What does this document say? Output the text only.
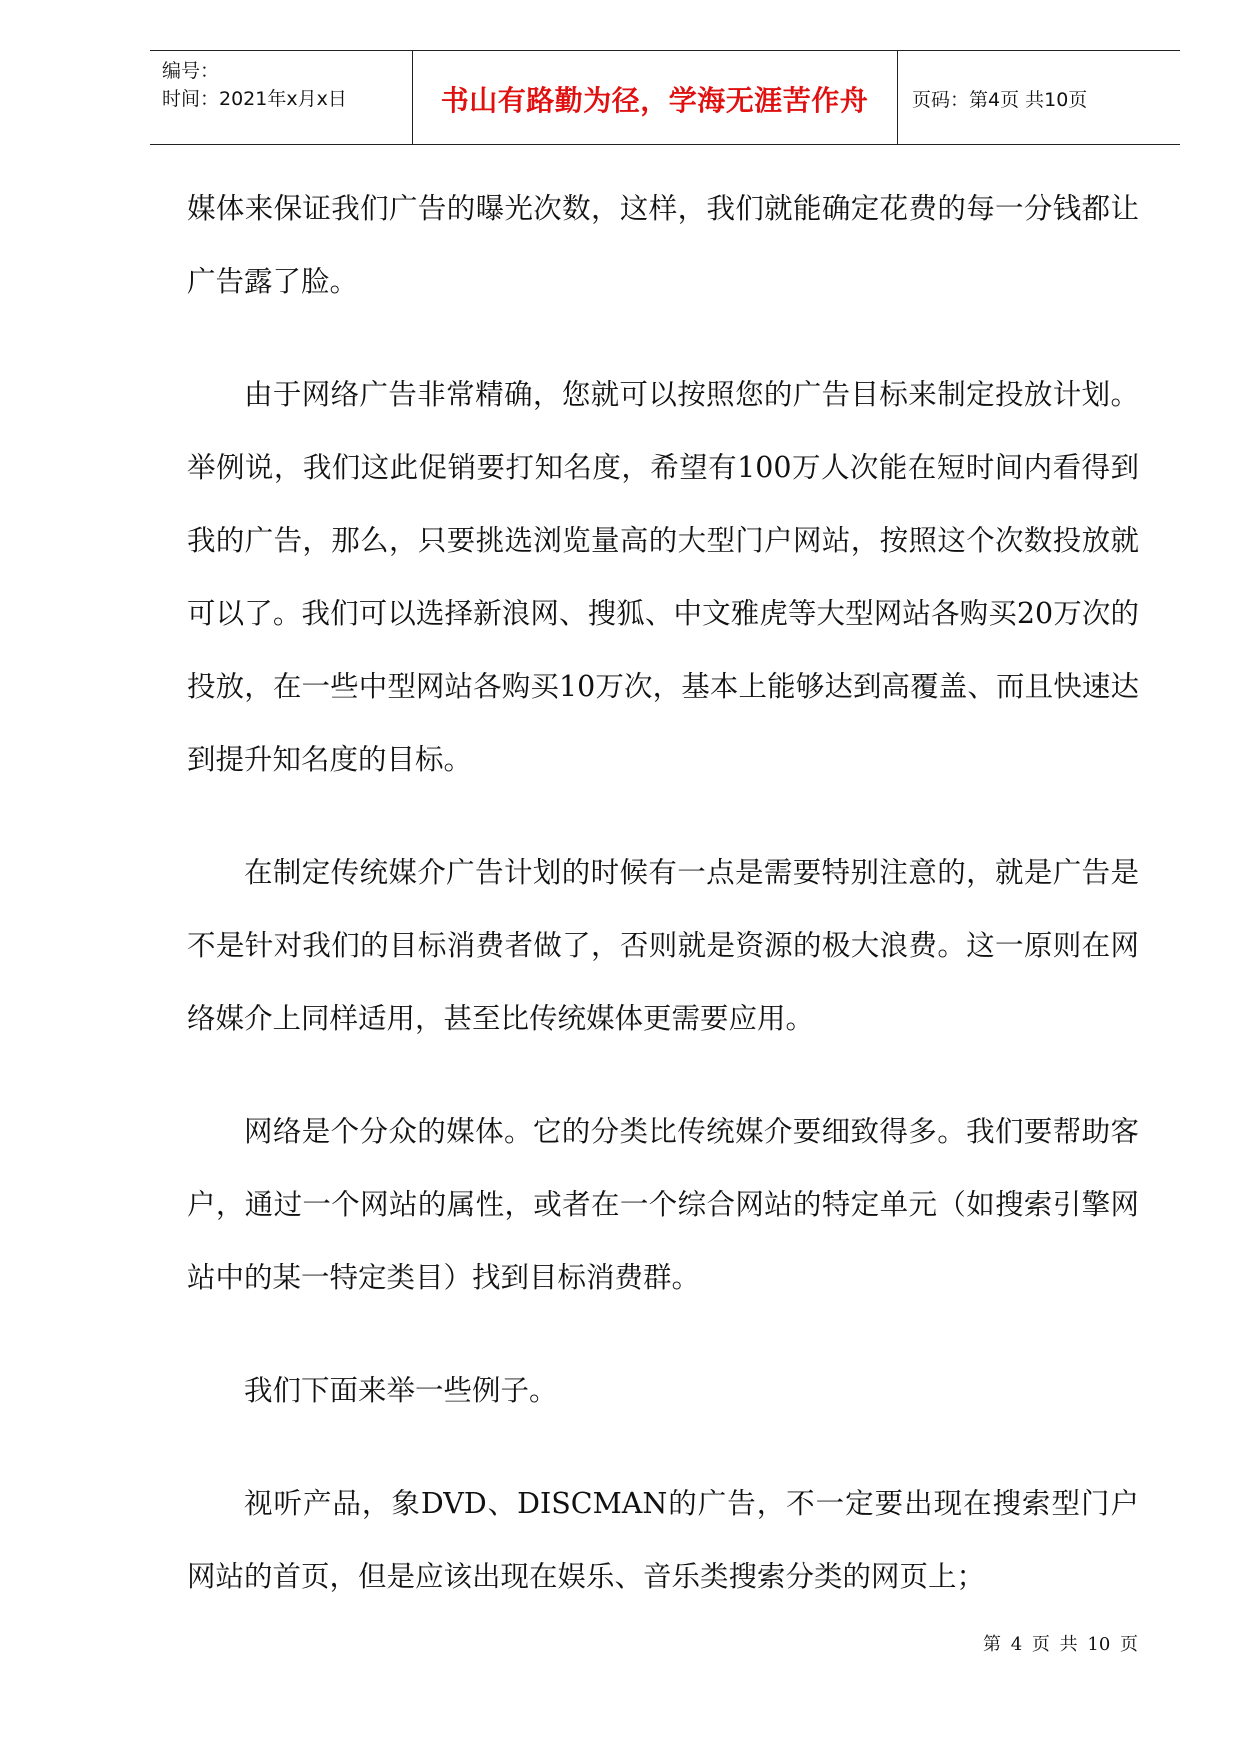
编号：
时间：2021年x月x日	书山有路勤为径，学海无涯苦作舟	页码：第4页 共10页

媒体来保证我们广告的曝光次数，这样，我们就能确定花费的每一分钱都让广告露了脸。

由于网络广告非常精确，您就可以按照您的广告目标来制定投放计划。举例说，我们这此促销要打知名度，希望有100万人次能在短时间内看得到我的广告，那么，只要挑选浏览量高的大型门户网站，按照这个次数投放就可以了。我们可以选择新浪网、搜狐、中文雅虎等大型网站各购买20万次的投放，在一些中型网站各购买10万次，基本上能够达到高覆盖、而且快速达到提升知名度的目标。

在制定传统媒介广告计划的时候有一点是需要特别注意的，就是广告是不是针对我们的目标消费者做了，否则就是资源的极大浪费。这一原则在网络媒介上同样适用，甚至比传统媒体更需要应用。

网络是个分众的媒体。它的分类比传统媒介要细致得多。我们要帮助客户，通过一个网站的属性，或者在一个综合网站的特定单元（如搜索引擎网站中的某一特定类目）找到目标消费群。

我们下面来举一些例子。

视听产品，象DVD、DISCMAN的广告，不一定要出现在搜索型门户网站的首页，但是应该出现在娱乐、音乐类搜索分类的网页上；

第 4 页 共 10 页
